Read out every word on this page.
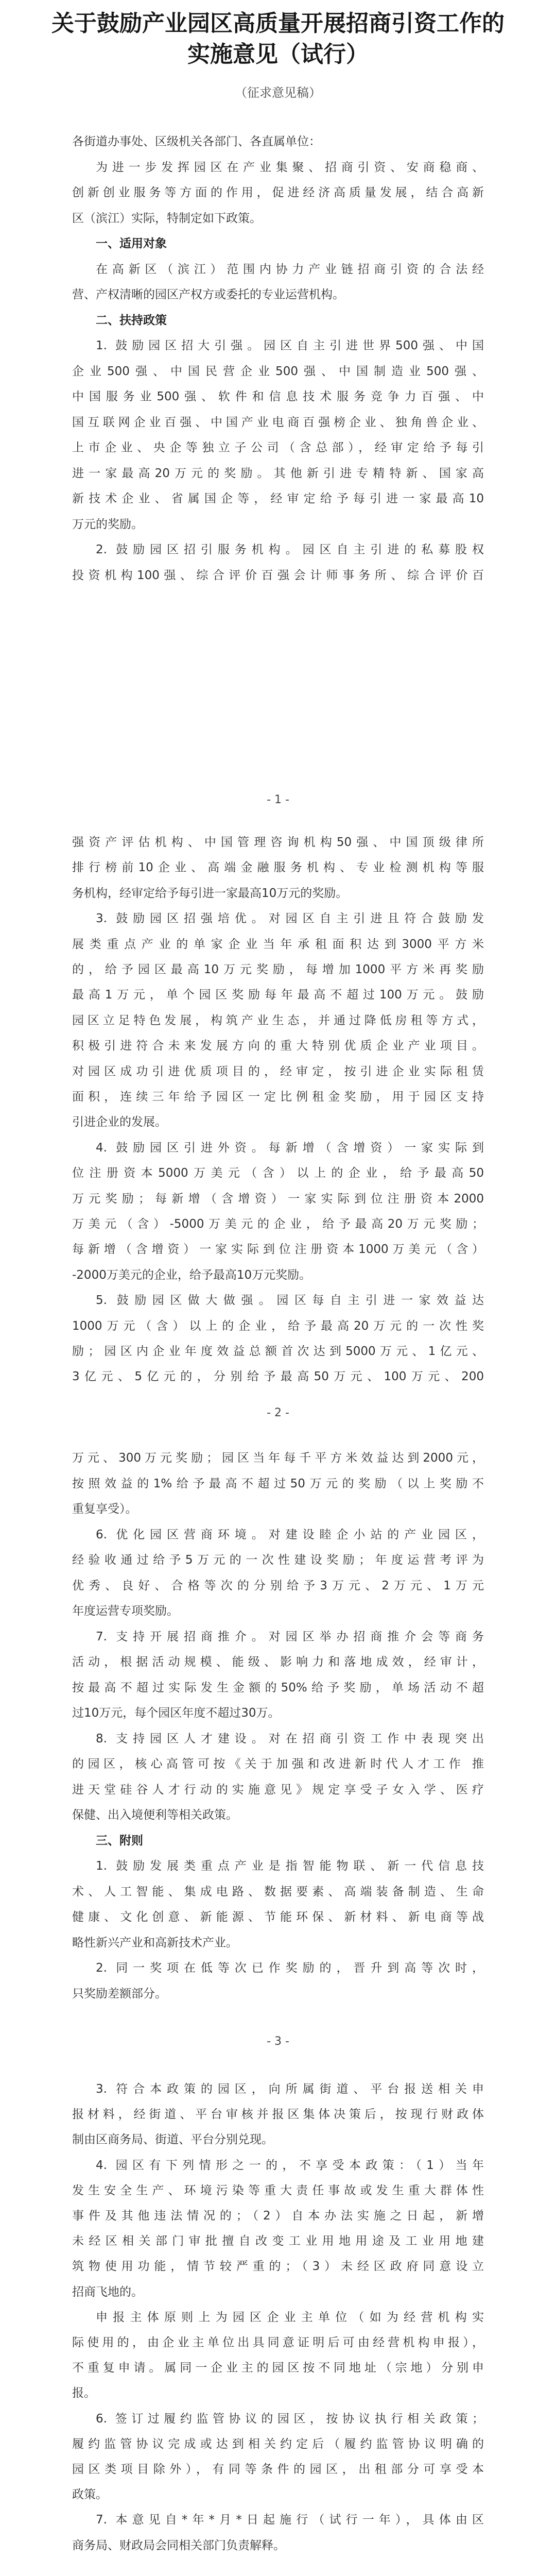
关于鼓励产业园区高质量开展招商引资工作的
实施意见（试行）
（征求意见稿）
各街道办事处、区级机关各部门、各直属单位：
为进一步发挥园区在产业集聚、招商引资、安商稳商、
创新创业服务等方面的作用，促进经济高质量发展，结合高新
区（滨江）实际，特制定如下政策。
一、适用对象
在高新区（滨江）范围内协力产业链招商引资的合法经
营、产权清晰的园区产权方或委托的专业运营机构。
二、扶持政策
1. 鼓励园区招大引强。园区自主引进世界500强、中国
企业500强、中国民营企业500强、中国制造业500强、
中国服务业500强、软件和信息技术服务竞争力百强、中
国互联网企业百强、中国产业电商百强榜企业、独角兽企业、
上市企业、央企等独立子公司（含总部），经审定给予每引
进一家最高20万元的奖励。其他新引进专精特新、国家高
新技术企业、省属国企等，经审定给予每引进一家最高10
万元的奖励。
2. 鼓励园区招引服务机构。园区自主引进的私募股权
投资机构100强、综合评价百强会计师事务所、综合评价百
- 1 -
强资产评估机构、中国管理咨询机构50强、中国顶级律所
排行榜前10企业、高端金融服务机构、专业检测机构等服
务机构，经审定给予每引进一家最高10万元的奖励。
3. 鼓励园区招强培优。对园区自主引进且符合鼓励发
展类重点产业的单家企业当年承租面积达到3000平方米
的，给予园区最高10万元奖励，每增加1000平方米再奖励
最高1万元，单个园区奖励每年最高不超过100万元。鼓励
园区立足特色发展，构筑产业生态，并通过降低房租等方式，
积极引进符合未来发展方向的重大特别优质企业产业项目。
对园区成功引进优质项目的，经审定，按引进企业实际租赁
面积，连续三年给予园区一定比例租金奖励，用于园区支持
引进企业的发展。
4. 鼓励园区引进外资。每新增（含增资）一家实际到
位注册资本5000万美元（含）以上的企业，给予最高50
万元奖励；每新增（含增资）一家实际到位注册资本2000
万美元（含）-5000万美元的企业，给予最高20万元奖励；
每新增（含增资）一家实际到位注册资本1000万美元（含）
-2000万美元的企业，给予最高10万元奖励。
5. 鼓励园区做大做强。园区每自主引进一家效益达
1000万元（含）以上的企业，给予最高20万元的一次性奖
励；园区内企业年度效益总额首次达到5000万元、1亿元、
3亿元、5亿元的，分别给予最高50万元、100万元、200
- 2 -
万元、300万元奖励；园区当年每千平方米效益达到2000元，
按照效益的1%给予最高不超过50万元的奖励（以上奖励不
重复享受）。
6. 优化园区营商环境。对建设睦企小站的产业园区，
经验收通过给予5万元的一次性建设奖励；年度运营考评为
优秀、良好、合格等次的分别给予3万元、2万元、1万元
年度运营专项奖励。
7. 支持开展招商推介。对园区举办招商推介会等商务
活动，根据活动规模、能级、影响力和落地成效，经审计，
按最高不超过实际发生金额的50%给予奖励，单场活动不超
过10万元，每个园区年度不超过30万。
8. 支持园区人才建设。对在招商引资工作中表现突出
的园区，核心高管可按《关于加强和改进新时代人才工作 推
进天堂硅谷人才行动的实施意见》规定享受子女入学、医疗
保健、出入境便利等相关政策。
三、附则
1. 鼓励发展类重点产业是指智能物联、新一代信息技
术、人工智能、集成电路、数据要素、高端装备制造、生命
健康、文化创意、新能源、节能环保、新材料、新电商等战
略性新兴产业和高新技术产业。
2. 同一奖项在低等次已作奖励的，晋升到高等次时，
只奖励差额部分。
- 3 -
3. 符合本政策的园区，向所属街道、平台报送相关申
报材料，经街道、平台审核并报区集体决策后，按现行财政体
制由区商务局、街道、平台分别兑现。
4. 园区有下列情形之一的，不享受本政策：（1）当年
发生安全生产、环境污染等重大责任事故或发生重大群体性
事件及其他违法情况的；（2）自本办法实施之日起，新增
未经区相关部门审批擅自改变工业用地用途及工业用地建
筑物使用功能，情节较严重的；（3）未经区政府同意设立
招商飞地的。
申报主体原则上为园区企业主单位（如为经营机构实
际使用的，由企业主单位出具同意证明后可由经营机构申报），
不重复申请。属同一企业主的园区按不同地址（宗地）分别申
报。
6. 签订过履约监管协议的园区，按协议执行相关政策；
履约监管协议完成或达到相关约定后（履约监管协议明确的
园区类项目除外），有同等条件的园区，出租部分可享受本
政策。
7. 本意见自*年*月*日起施行（试行一年），具体由区
商务局、财政局会同相关部门负责解释。
